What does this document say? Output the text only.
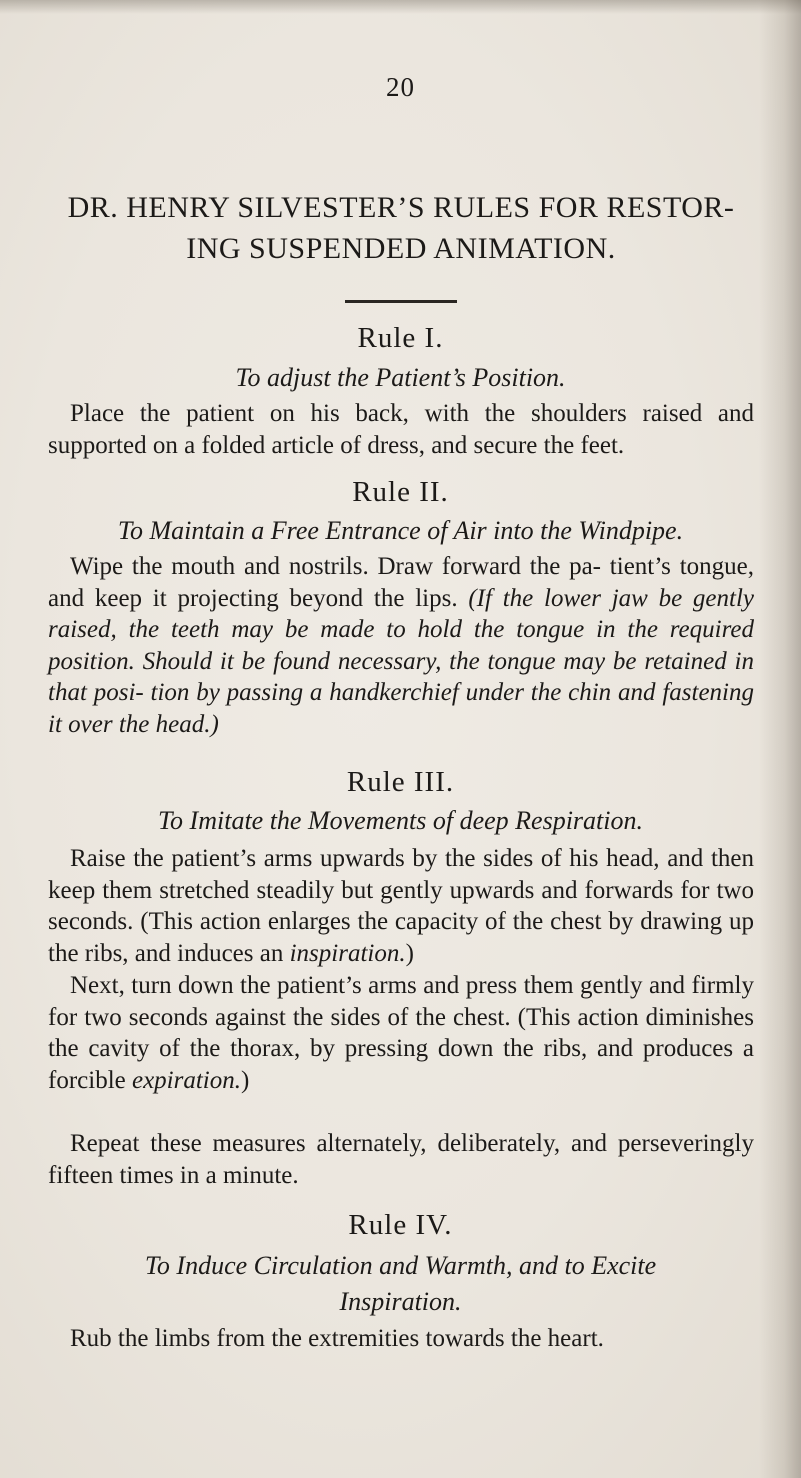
20
DR. HENRY SILVESTER’S RULES FOR RESTOR- ING SUSPENDED ANIMATION.
Rule I.
To adjust the Patient’s Position.
Place the patient on his back, with the shoulders raised and supported on a folded article of dress, and secure the feet.
Rule II.
To Maintain a Free Entrance of Air into the Windpipe.
Wipe the mouth and nostrils. Draw forward the pa- tient’s tongue, and keep it projecting beyond the lips. (If the lower jaw be gently raised, the teeth may be made to hold the tongue in the required position. Should it be found necessary, the tongue may be retained in that posi- tion by passing a handkerchief under the chin and fastening it over the head.)
Rule III.
To Imitate the Movements of deep Respiration.
Raise the patient’s arms upwards by the sides of his head, and then keep them stretched steadily but gently upwards and forwards for two seconds. (This action enlarges the capacity of the chest by drawing up the ribs, and induces an inspiration.)
Next, turn down the patient’s arms and press them gently and firmly for two seconds against the sides of the chest. (This action diminishes the cavity of the thorax, by pressing down the ribs, and produces a forcible expiration.)
Repeat these measures alternately, deliberately, and perseveringly fifteen times in a minute.
Rule IV.
To Induce Circulation and Warmth, and to Excite
Inspiration.
Rub the limbs from the extremities towards the heart.
